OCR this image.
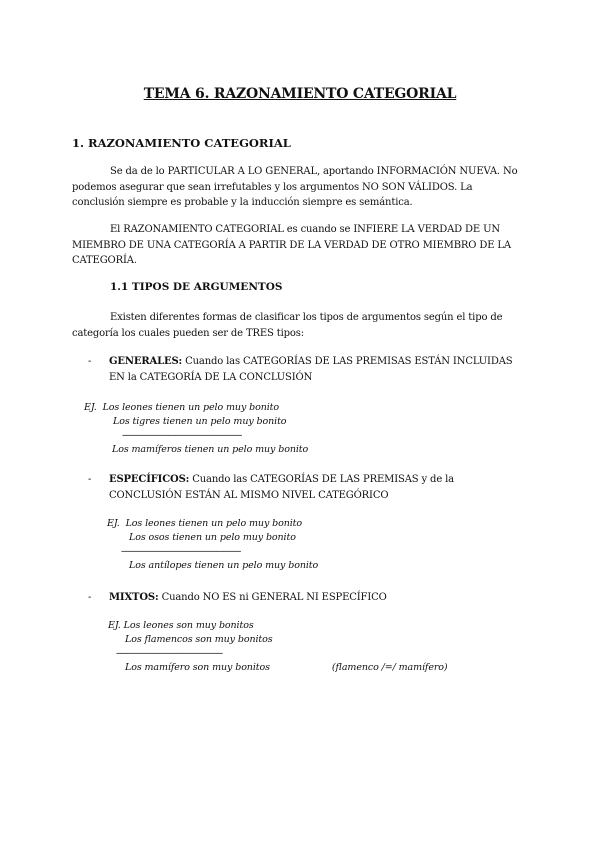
TEMA 6. RAZONAMIENTO CATEGORIAL
1. RAZONAMIENTO CATEGORIAL
Se da de lo PARTICULAR A LO GENERAL, aportando INFORMACIÓN NUEVA. No podemos asegurar que sean irrefutables y los argumentos NO SON VÁLIDOS. La conclusión siempre es probable y la inducción siempre es semántica.
El RAZONAMIENTO CATEGORIAL es cuando se INFIERE LA VERDAD DE UN MIEMBRO DE UNA CATEGORÍA A PARTIR DE LA VERDAD DE OTRO MIEMBRO DE LA CATEGORÍA.
1.1 TIPOS DE ARGUMENTOS
Existen diferentes formas de clasificar los tipos de argumentos según el tipo de categoría los cuales pueden ser de TRES tipos:
- GENERALES: Cuando las CATEGORÍAS DE LAS PREMISAS ESTÁN INCLUIDAS EN la CATEGORÍA DE LA CONCLUSIÓN
EJ. Los leones tienen un pelo muy bonito
Los tigres tienen un pelo muy bonito
------------------------------------------------------
Los mamíferos tienen un pelo muy bonito
- ESPECÍFICOS: Cuando las CATEGORÍAS DE LAS PREMISAS y de la CONCLUSIÓN ESTÁN AL MISMO NIVEL CATEGÓRICO
EJ. Los leones tienen un pelo muy bonito
Los osos tienen un pelo muy bonito
------------------------------------------------------
Los antílopes tienen un pelo muy bonito
- MIXTOS: Cuando NO ES ni GENERAL NI ESPECÍFICO
EJ. Los leones son muy bonitos
Los flamencos son muy bonitos
------------------------------------------------
Los mamífero son muy bonitos	(flamenco /=/ mamífero)
